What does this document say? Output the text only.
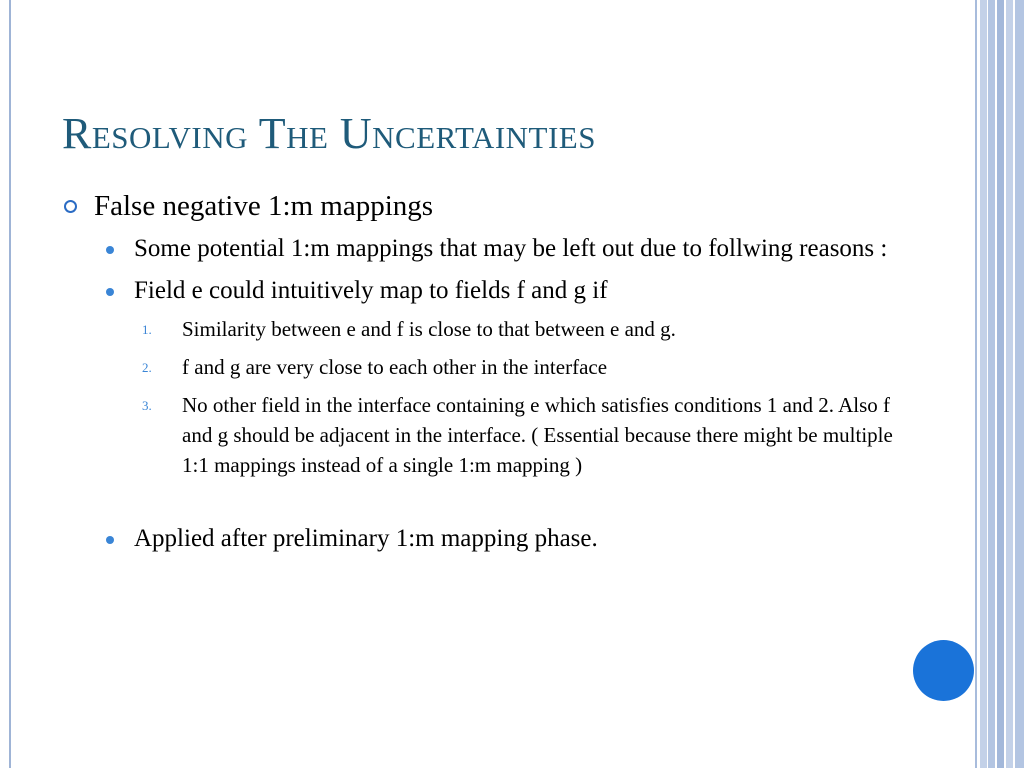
Resolving The Uncertainties
False negative 1:m mappings
Some potential 1:m mappings that may be left out due to follwing reasons :
Field e could intuitively map to fields f and g if
1. Similarity between e and f is close to that between e and g.
2. f and g are very close to each other in the interface
3. No other field in the interface containing e which satisfies conditions 1 and 2. Also f and g should be adjacent in the interface. ( Essential because there might be multiple 1:1 mappings instead of a single 1:m mapping )
Applied after preliminary 1:m mapping phase.
